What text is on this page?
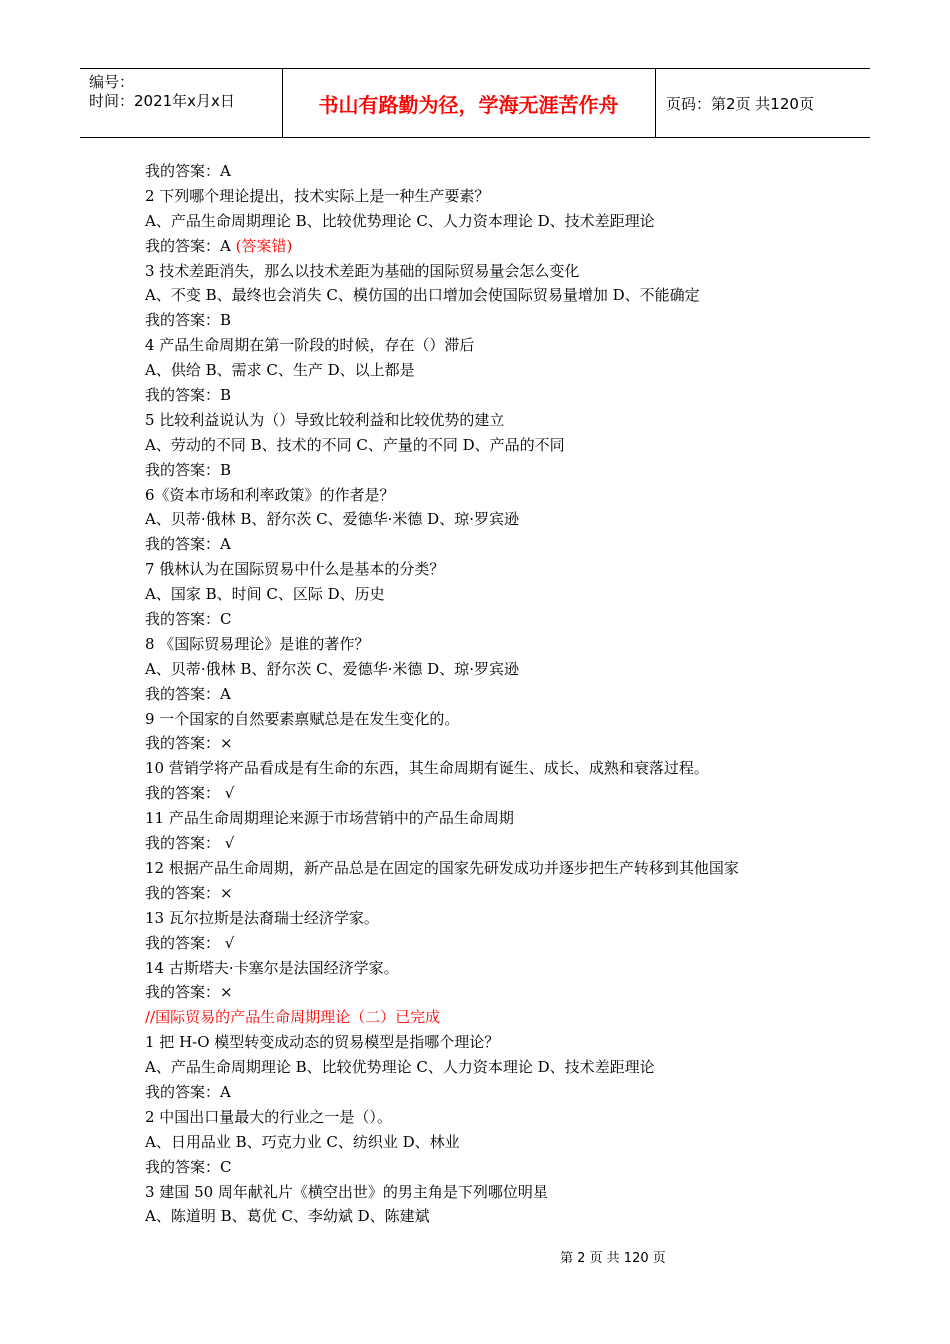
编号：
时间：2021年x月x日	书山有路勤为径，学海无涯苦作舟	页码：第2页 共120页
我的答案：A
2 下列哪个理论提出，技术实际上是一种生产要素？
A、产品生命周期理论 B、比较优势理论 C、人力资本理论 D、技术差距理论
我的答案：A (答案错)
3 技术差距消失，那么以技术差距为基础的国际贸易量会怎么变化
A、不变 B、最终也会消失 C、模仿国的出口增加会使国际贸易量增加 D、不能确定
我的答案：B
4 产品生命周期在第一阶段的时候，存在（）滞后
A、供给 B、需求 C、生产 D、以上都是
我的答案：B
5 比较利益说认为（）导致比较利益和比较优势的建立
A、劳动的不同 B、技术的不同 C、产量的不同 D、产品的不同
我的答案：B
6《资本市场和利率政策》的作者是？
A、贝蒂·俄林 B、舒尔茨 C、爱德华·米德 D、琼·罗宾逊
我的答案：A
7 俄林认为在国际贸易中什么是基本的分类？
A、国家 B、时间 C、区际 D、历史
我的答案：C
8 《国际贸易理论》是谁的著作？
A、贝蒂·俄林 B、舒尔茨 C、爱德华·米德 D、琼·罗宾逊
我的答案：A
9 一个国家的自然要素禀赋总是在发生变化的。
我的答案：×
10 营销学将产品看成是有生命的东西，其生命周期有诞生、成长、成熟和衰落过程。
我的答案： √
11 产品生命周期理论来源于市场营销中的产品生命周期
我的答案： √
12 根据产品生命周期，新产品总是在固定的国家先研发成功并逐步把生产转移到其他国家
我的答案：×
13 瓦尔拉斯是法裔瑞士经济学家。
我的答案： √
14 古斯塔夫·卡塞尔是法国经济学家。
我的答案：×
//国际贸易的产品生命周期理论（二）已完成
1 把 H-O 模型转变成动态的贸易模型是指哪个理论？
A、产品生命周期理论 B、比较优势理论 C、人力资本理论 D、技术差距理论
我的答案：A
2 中国出口量最大的行业之一是（）。
A、日用品业 B、巧克力业 C、纺织业 D、林业
我的答案：C
3 建国 50 周年献礼片《横空出世》的男主角是下列哪位明星
A、陈道明 B、葛优 C、李幼斌 D、陈建斌
第 2 页 共 120 页
